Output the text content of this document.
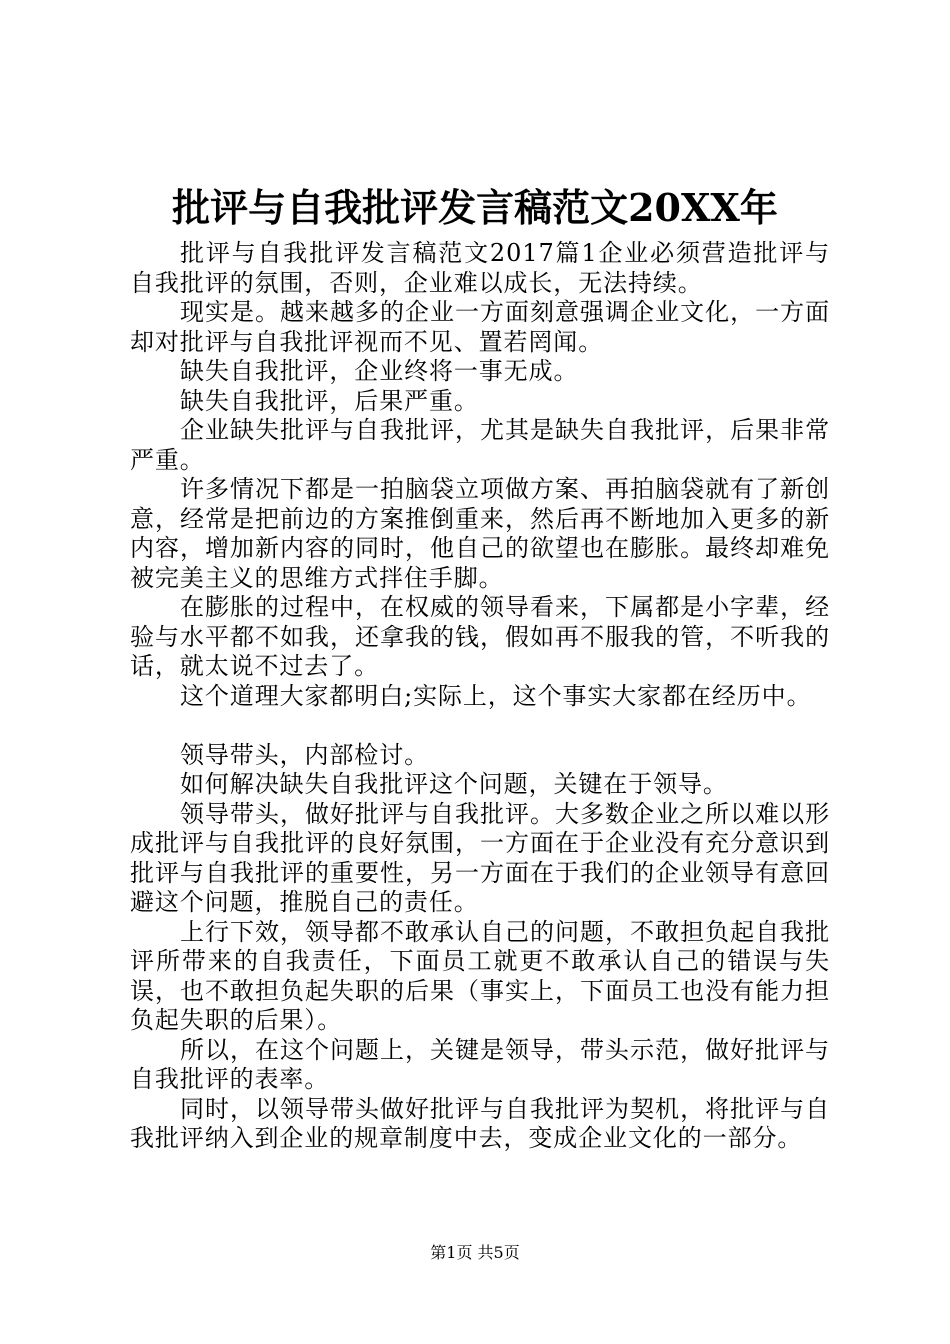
批评与自我批评发言稿范文20XX年

批评与自我批评发言稿范文2017篇1企业必须营造批评与自我批评的氛围，否则，企业难以成长，无法持续。

现实是。越来越多的企业一方面刻意强调企业文化，一方面却对批评与自我批评视而不见、置若罔闻。

缺失自我批评，企业终将一事无成。

缺失自我批评，后果严重。

企业缺失批评与自我批评，尤其是缺失自我批评，后果非常严重。

许多情况下都是一拍脑袋立项做方案、再拍脑袋就有了新创意，经常是把前边的方案推倒重来，然后再不断地加入更多的新内容，增加新内容的同时，他自己的欲望也在膨胀。最终却难免被完美主义的思维方式拌住手脚。

在膨胀的过程中，在权威的领导看来，下属都是小字辈，经验与水平都不如我，还拿我的钱，假如再不服我的管，不听我的话，就太说不过去了。

这个道理大家都明白;实际上，这个事实大家都在经历中。

领导带头，内部检讨。

如何解决缺失自我批评这个问题，关键在于领导。

领导带头，做好批评与自我批评。大多数企业之所以难以形成批评与自我批评的良好氛围，一方面在于企业没有充分意识到批评与自我批评的重要性，另一方面在于我们的企业领导有意回避这个问题，推脱自己的责任。

上行下效，领导都不敢承认自己的问题，不敢担负起自我批评所带来的自我责任，下面员工就更不敢承认自己的错误与失误，也不敢担负起失职的后果（事实上，下面员工也没有能力担负起失职的后果）。

所以，在这个问题上，关键是领导，带头示范，做好批评与自我批评的表率。

同时，以领导带头做好批评与自我批评为契机，将批评与自我批评纳入到企业的规章制度中去，变成企业文化的一部分。

第1页 共5页
